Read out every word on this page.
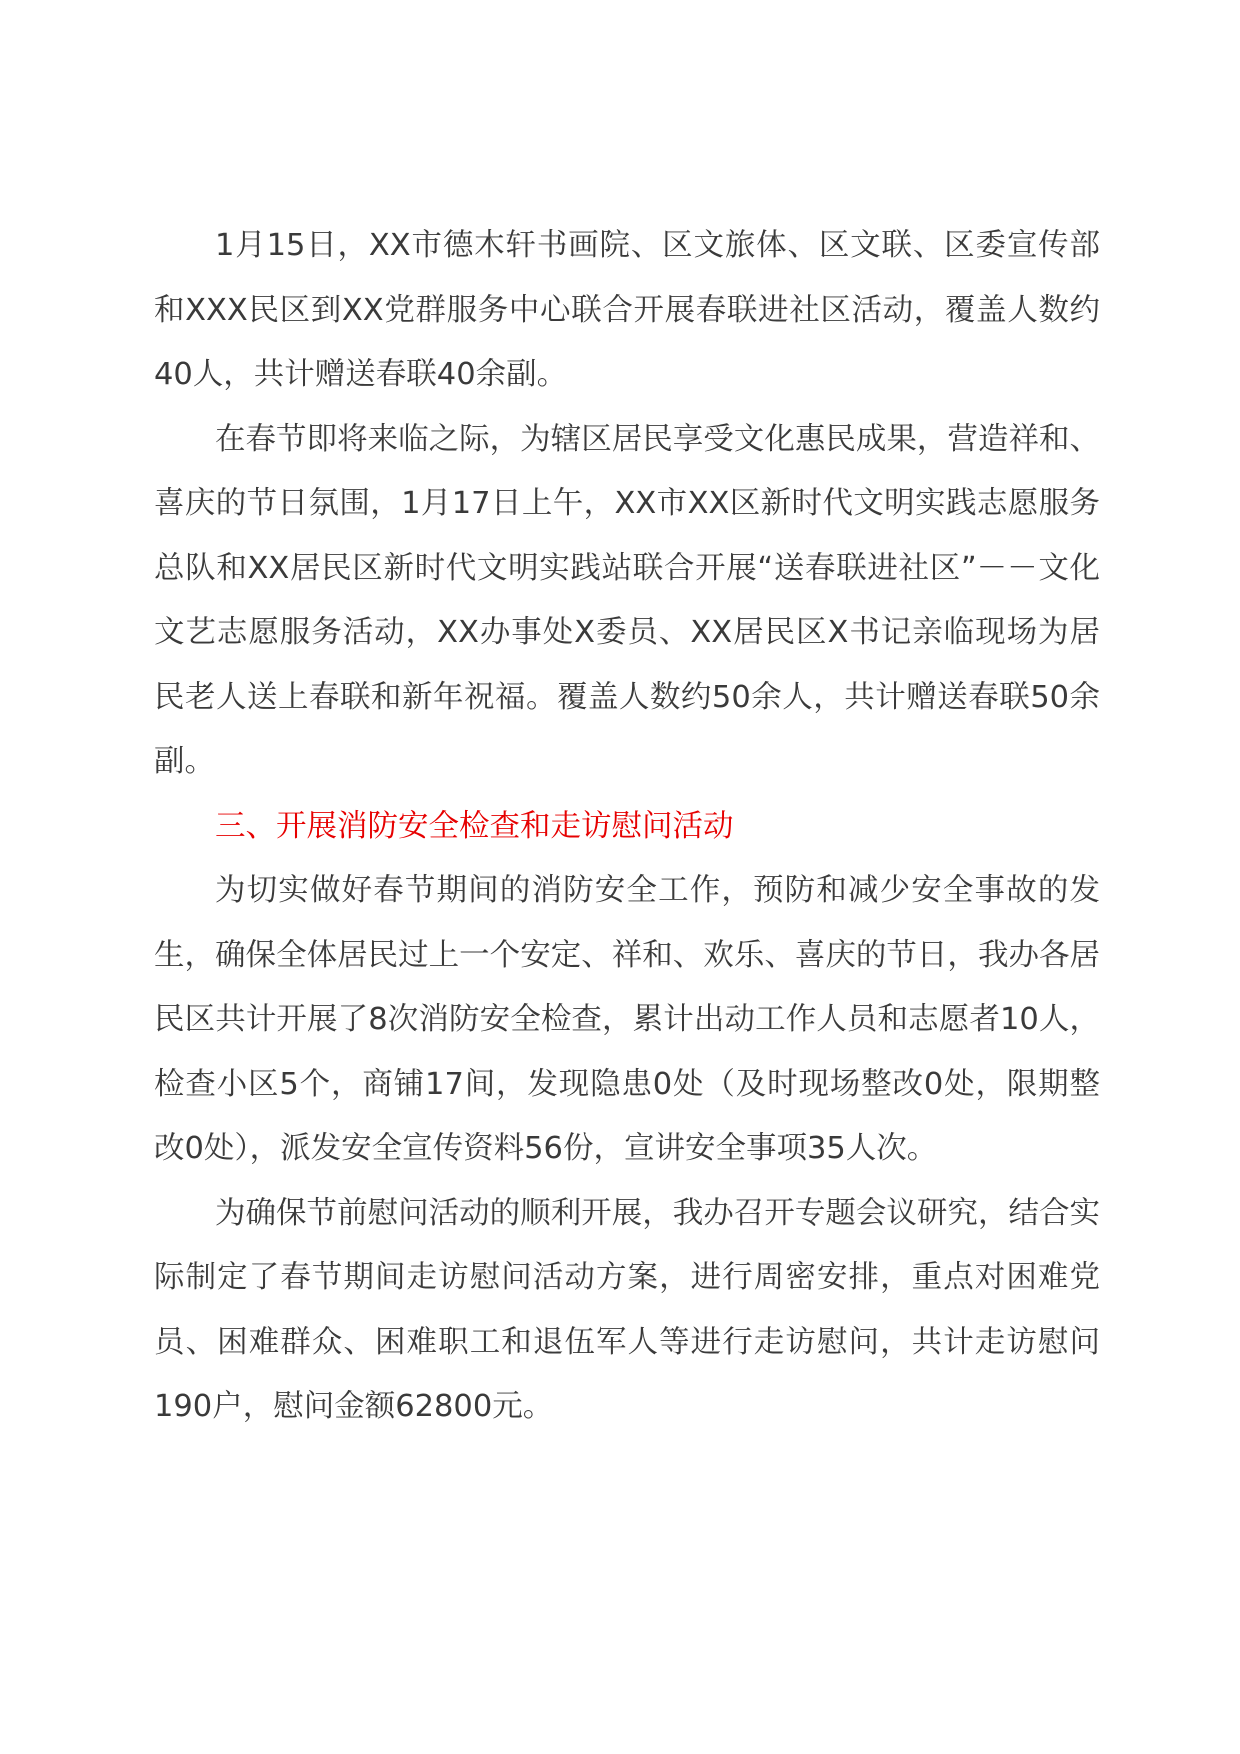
1月15日，XX市德木轩书画院、区文旅体、区文联、区委宣传部和XXX民区到XX党群服务中心联合开展春联进社区活动，覆盖人数约40人，共计赠送春联40余副。

在春节即将来临之际，为辖区居民享受文化惠民成果，营造祥和、喜庆的节日氛围，1月17日上午，XX市XX区新时代文明实践志愿服务总队和XX居民区新时代文明实践站联合开展“送春联进社区”－－文化文艺志愿服务活动，XX办事处X委员、XX居民区X书记亲临现场为居民老人送上春联和新年祝福。覆盖人数约50余人，共计赠送春联50余副。

三、开展消防安全检查和走访慰问活动

为切实做好春节期间的消防安全工作，预防和减少安全事故的发生，确保全体居民过上一个安定、祥和、欢乐、喜庆的节日，我办各居民区共计开展了8次消防安全检查，累计出动工作人员和志愿者10人，检查小区5个，商铺17间，发现隐患0处（及时现场整改0处，限期整改0处），派发安全宣传资料56份，宣讲安全事项35人次。

为确保节前慰问活动的顺利开展，我办召开专题会议研究，结合实际制定了春节期间走访慰问活动方案，进行周密安排，重点对困难党员、困难群众、困难职工和退伍军人等进行走访慰问，共计走访慰问190户，慰问金额62800元。
